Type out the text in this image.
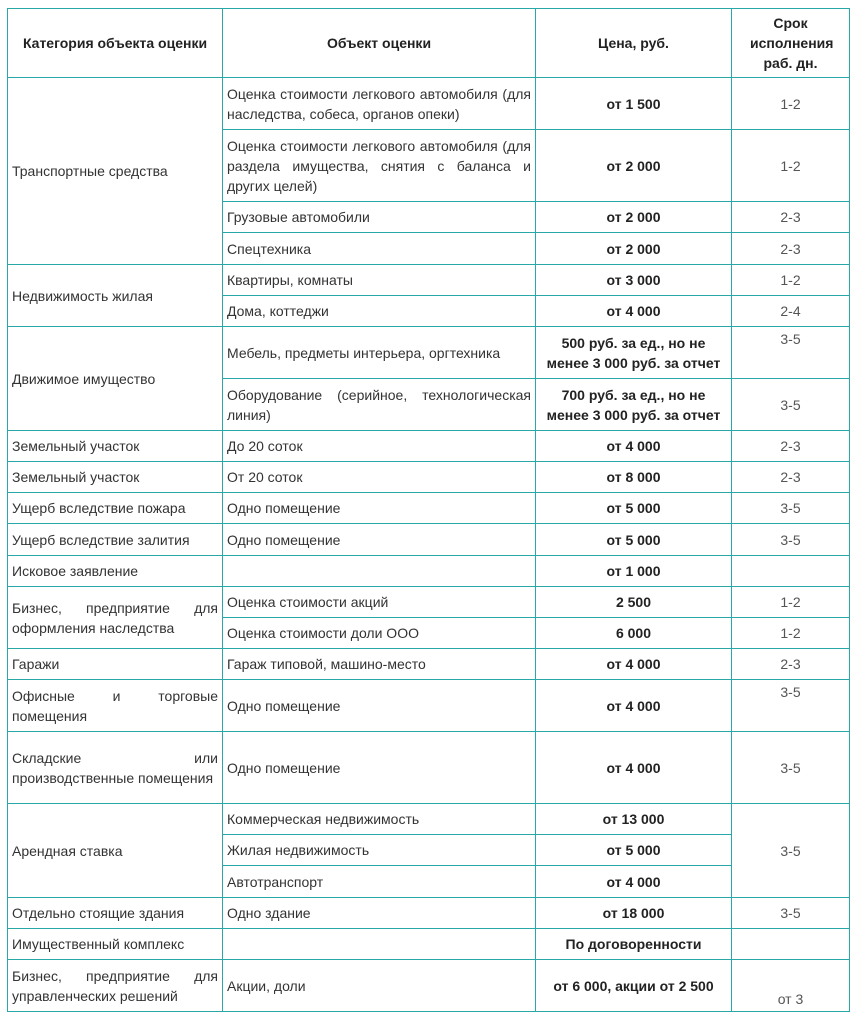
Категория объекта оценки	Объект оценки	Цена, руб.	Срок исполнения раб. дн.
Транспортные средства	Оценка стоимости легкового автомобиля (для наследства, собеса, органов опеки)	от 1 500	1-2
	Оценка стоимости легкового автомобиля (для раздела имущества, снятия с баланса и других целей)	от 2 000	1-2
	Грузовые автомобили	от 2 000	2-3
	Спецтехника	от 2 000	2-3
Недвижимость жилая	Квартиры, комнаты	от 3 000	1-2
	Дома, коттеджи	от 4 000	2-4
Движимое имущество	Мебель, предметы интерьера, оргтехника	500 руб. за ед., но не менее 3 000 руб. за отчет	3-5
	Оборудование (серийное, технологическая линия)	700 руб. за ед., но не менее 3 000 руб. за отчет	3-5
Земельный участок	До 20 соток	от 4 000	2-3
Земельный участок	От 20 соток	от 8 000	2-3
Ущерб вследствие пожара	Одно помещение	от 5 000	3-5
Ущерб вследствие залития	Одно помещение	от 5 000	3-5
Исковое заявление		от 1 000	
Бизнес, предприятие для оформления наследства	Оценка стоимости акций	2 500	1-2
	Оценка стоимости доли ООО	6 000	1-2
Гаражи	Гараж типовой, машино-место	от 4 000	2-3
Офисные и торговые помещения	Одно помещение	от 4 000	3-5
Складские или производственные помещения	Одно помещение	от 4 000	3-5
Арендная ставка	Коммерческая недвижимость	от 13 000	3-5
	Жилая недвижимость	от 5 000	
	Автотранспорт	от 4 000	
Отдельно стоящие здания	Одно здание	от 18 000	3-5
Имущественный комплекс		По договоренности	
Бизнес, предприятие для управленческих решений	Акции, доли	от 6 000, акции от 2 500	от 3
